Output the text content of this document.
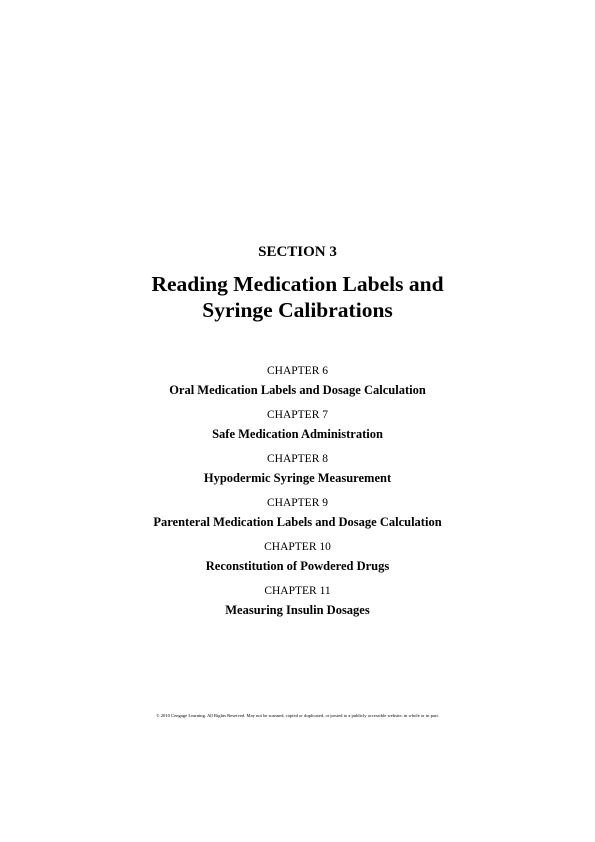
SECTION 3
Reading Medication Labels and
Syringe Calibrations
CHAPTER 6
Oral Medication Labels and Dosage Calculation
CHAPTER 7
Safe Medication Administration
CHAPTER 8
Hypodermic Syringe Measurement
CHAPTER 9
Parenteral Medication Labels and Dosage Calculation
CHAPTER 10
Reconstitution of Powdered Drugs
CHAPTER 11
Measuring Insulin Dosages
© 2010 Cengage Learning. All Rights Reserved. May not be scanned, copied or duplicated, or posted to a publicly accessible website, in whole or in part.
